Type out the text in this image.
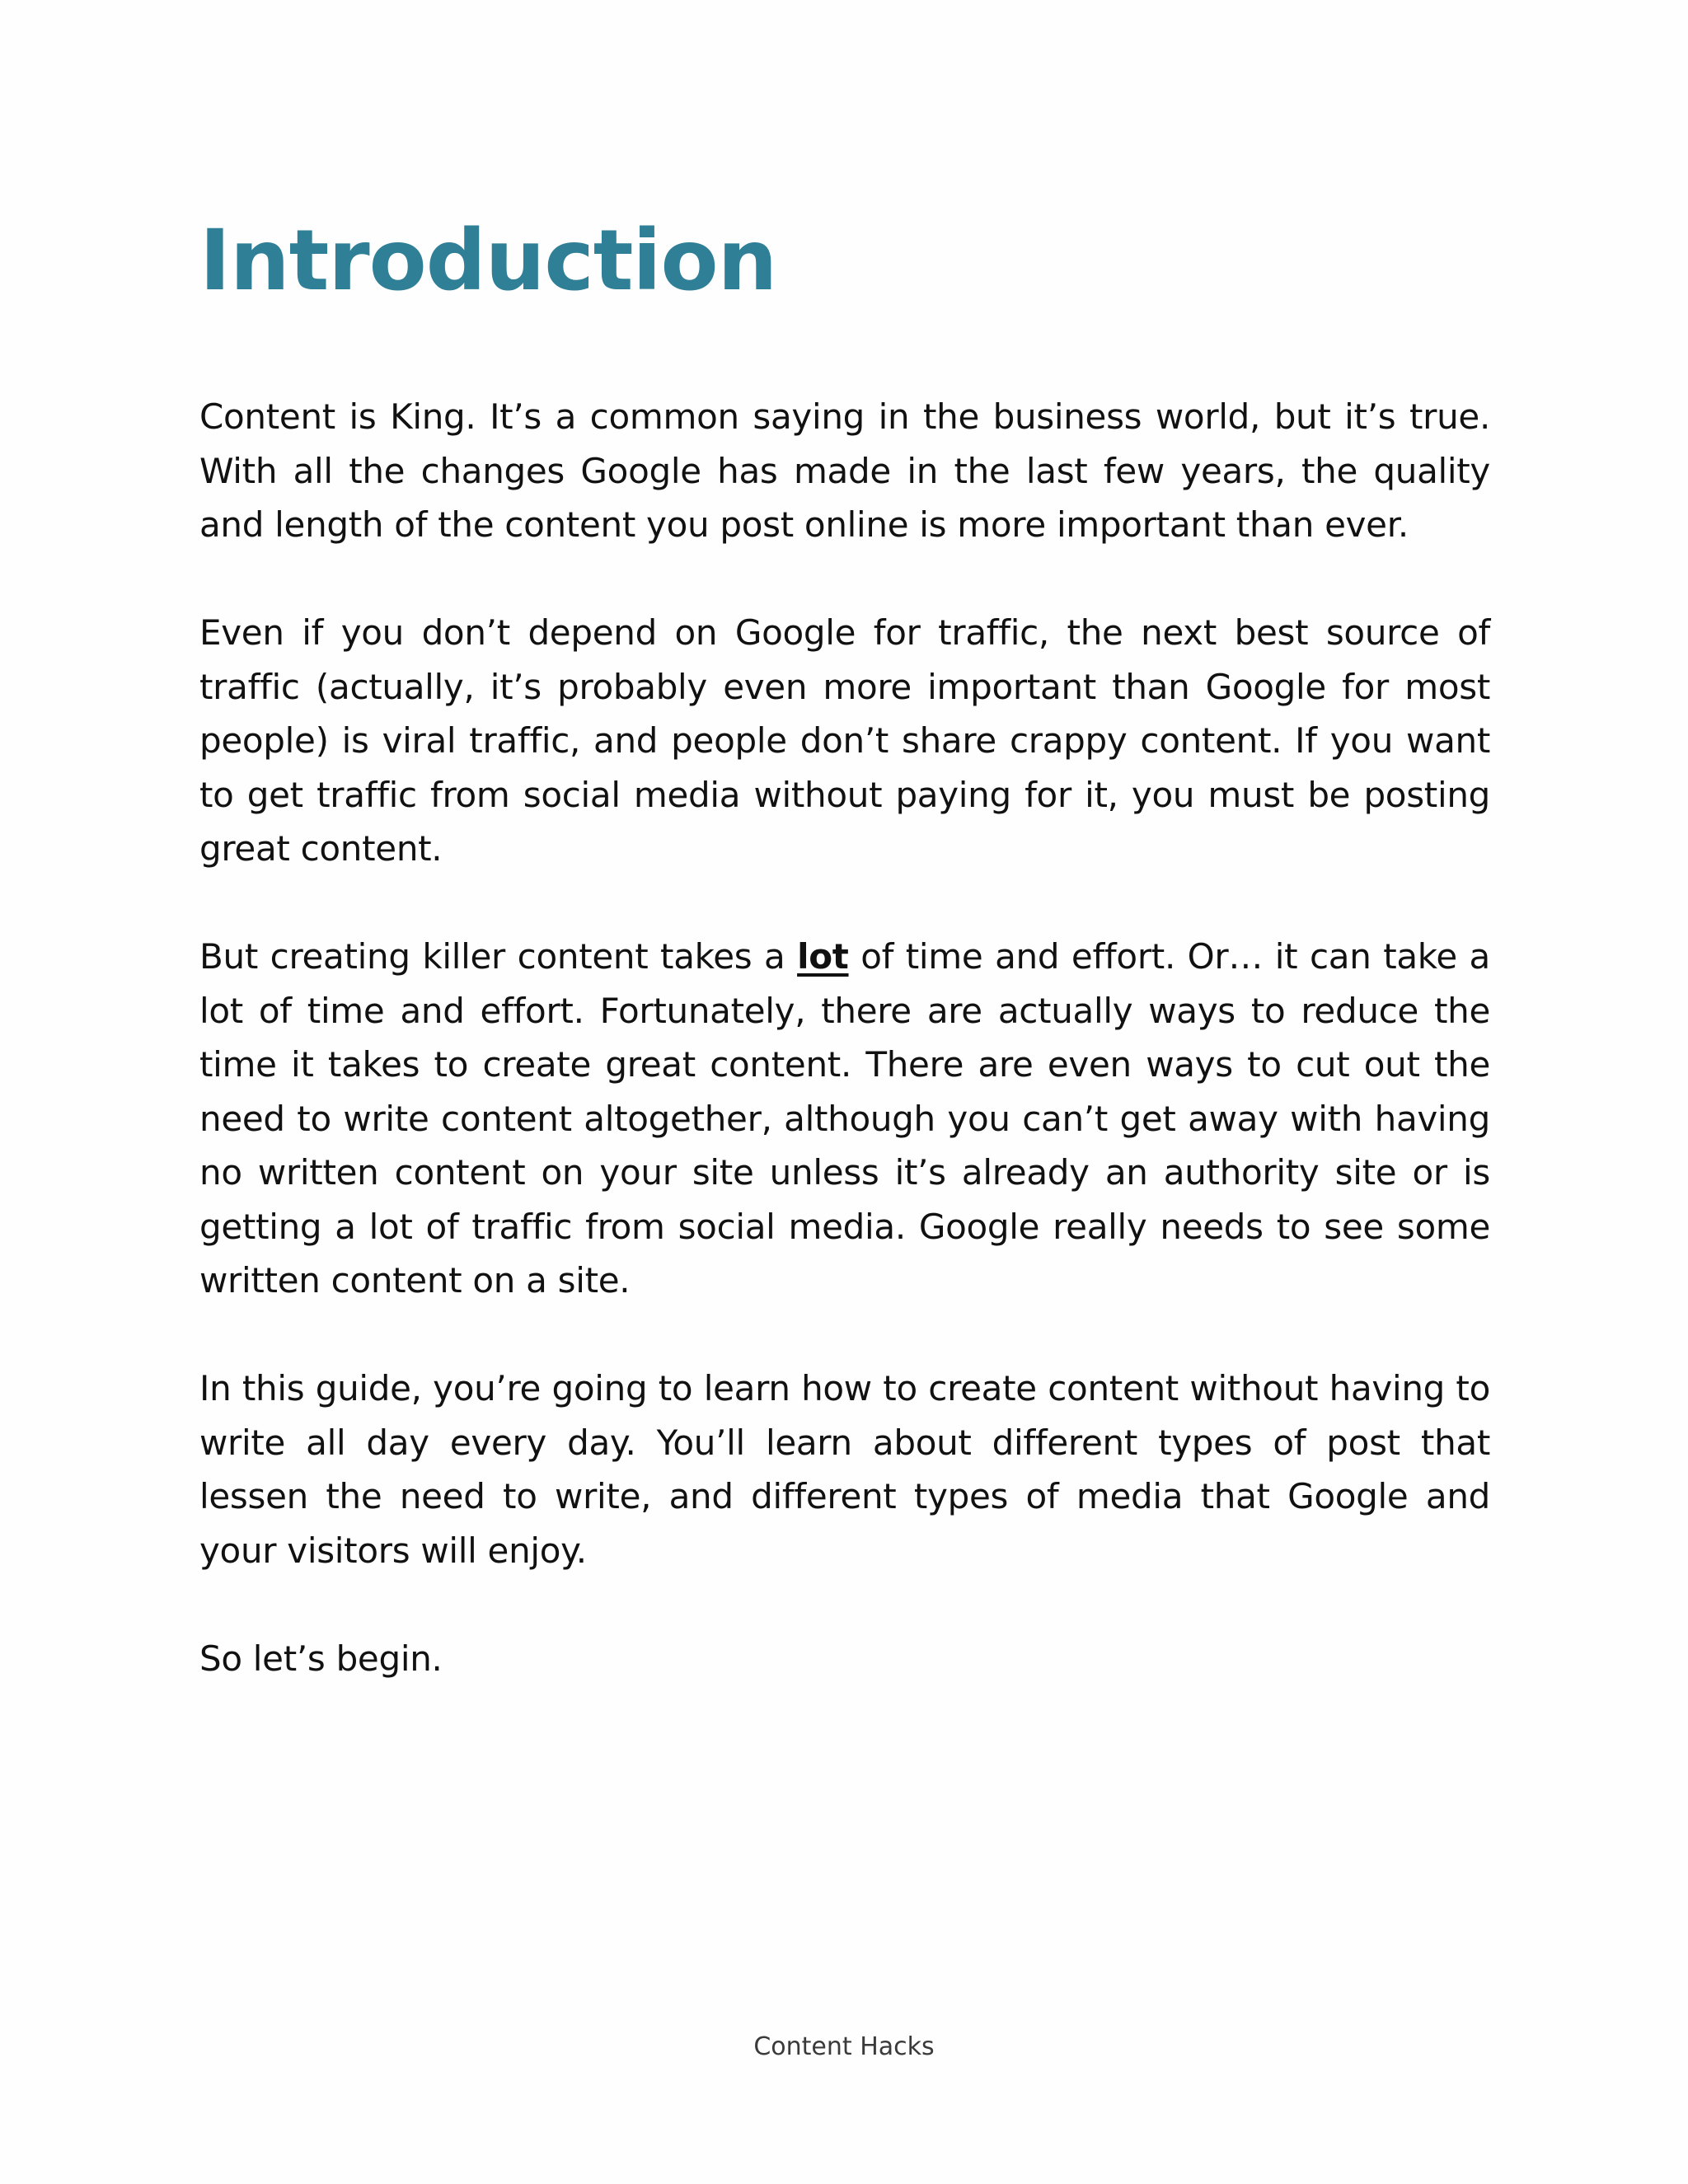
Introduction

Content is King. It’s a common saying in the business world, but it’s true. With all the changes Google has made in the last few years, the quality and length of the content you post online is more important than ever.

Even if you don’t depend on Google for traffic, the next best source of traffic (actually, it’s probably even more important than Google for most people) is viral traffic, and people don’t share crappy content. If you want to get traffic from social media without paying for it, you must be posting great content.

But creating killer content takes a lot of time and effort. Or… it can take a lot of time and effort. Fortunately, there are actually ways to reduce the time it takes to create great content. There are even ways to cut out the need to write content altogether, although you can’t get away with having no written content on your site unless it’s already an authority site or is getting a lot of traffic from social media. Google really needs to see some written content on a site.

In this guide, you’re going to learn how to create content without having to write all day every day. You’ll learn about different types of post that lessen the need to write, and different types of media that Google and your visitors will enjoy.

So let’s begin.

Content Hacks
